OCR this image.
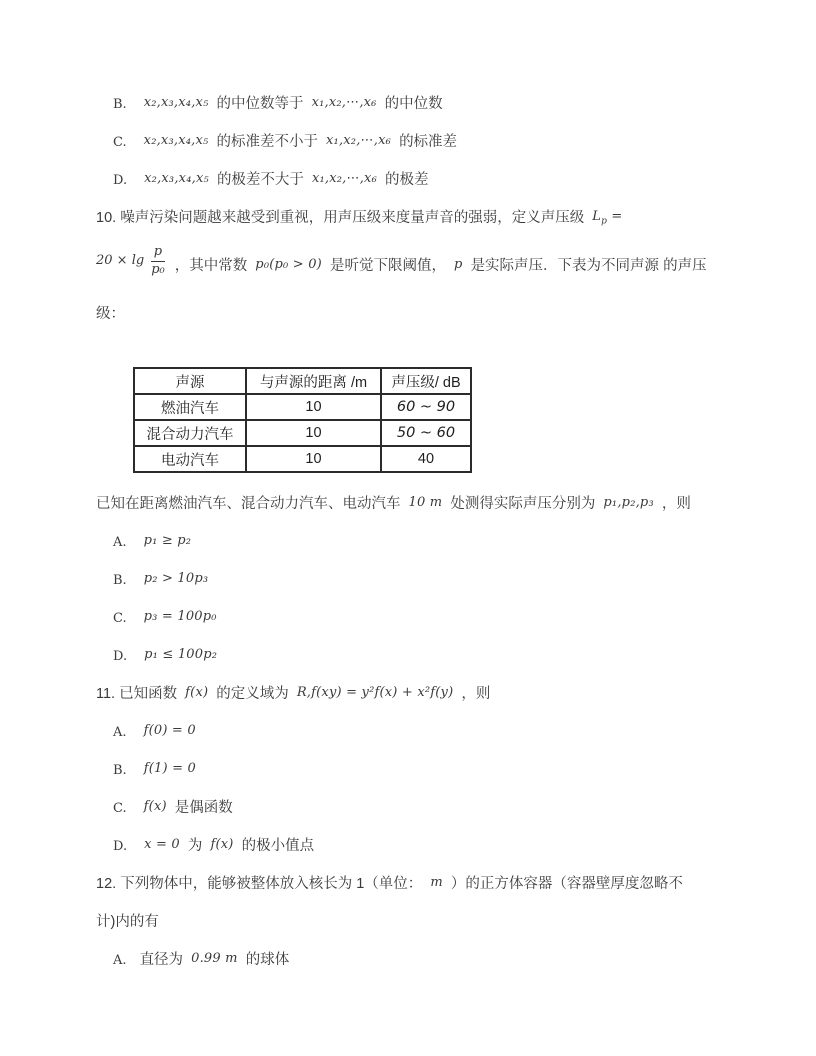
B. x₂,x₃,x₄,x₅ 的中位数等于 x₁,x₂,⋯,x₆ 的中位数
C. x₂,x₃,x₄,x₅ 的标准差不小于 x₁,x₂,⋯,x₆ 的标准差
D. x₂,x₃,x₄,x₅ 的极差不大于 x₁,x₂,⋯,x₆ 的极差
10. 噪声污染问题越来越受到重视，用声压级来度量声音的强弱，定义声压级 $L_p$ =
$20 \times \lg \frac{p}{\text{p₀}}$ ，其中常数 p₀(p₀ > 0) 是听觉下限阈值， p 是实际声压．下表为不同声源 的声压
级：
声源	与声源的距离 /m	声压级/ dB
燃油汽车	10	60 ~ 90
混合动力汽车	10	50 ~ 60
电动汽车	10	40
已知在距离燃油汽车、混合动力汽车、电动汽车 10 m 处测得实际声压分别为 p₁,p₂,p₃ ，则
A. p₁ ≥ p₂
B. p₂ > 10p₃
C. p₃ = 100p₀
D. p₁ ≤ 100p₂
11. 已知函数 f(x) 的定义域为 R,f(xy) = y²f(x) + x²f(y) ，则
A. f(0) = 0
B. f(1) = 0
C. f(x) 是偶函数
D. x = 0 为 f(x) 的极小值点
12. 下列物体中，能够被整体放入核长为 1（单位： m ）的正方体容器（容器壁厚度忽略不
计)内的有
A. 直径为 0.99 m 的球体
